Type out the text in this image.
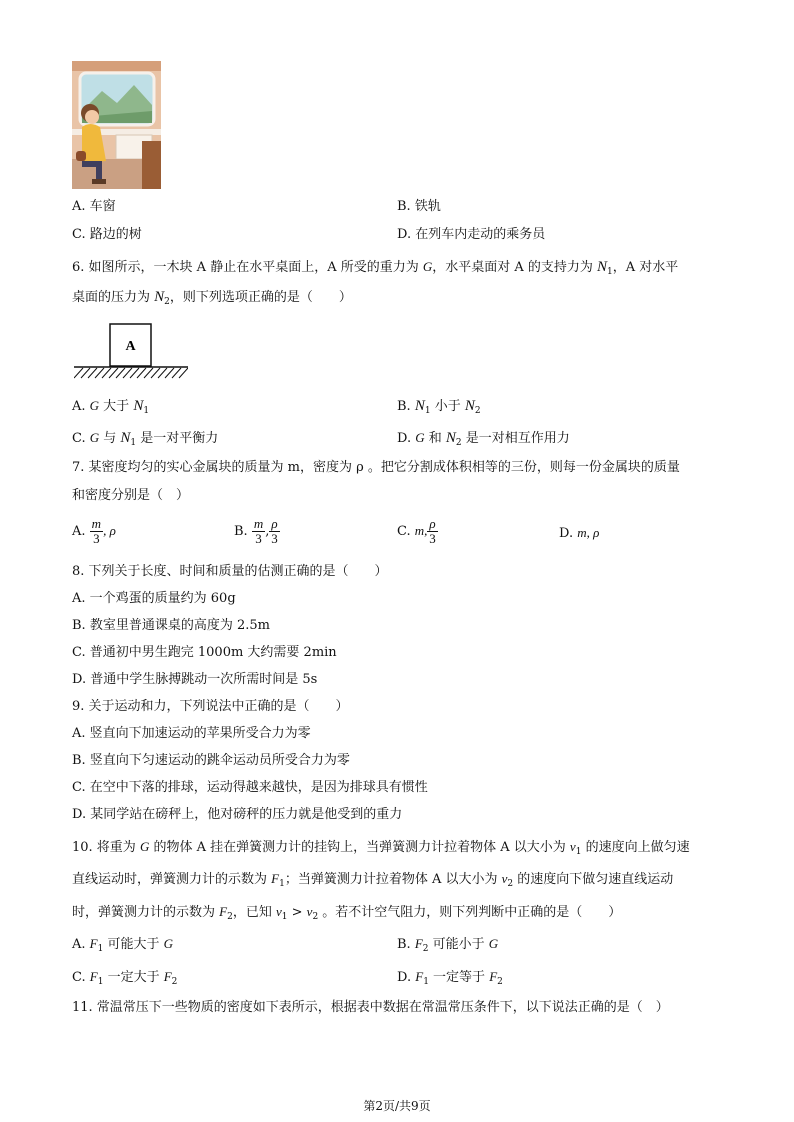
A. 车窗	B. 铁轨
C. 路边的树	D. 在列车内走动的乘务员
6. 如图所示，一木块 A 静止在水平桌面上，A 所受的重力为 G，水平桌面对 A 的支持力为 $N_1$，A 对水平
桌面的压力为 $N_2$，则下列选项正确的是（　　）
A
A. G 大于 $N_1$	B. $N_1$ 小于 $N_2$
C. G 与 $N_1$ 是一对平衡力	D. G 和 $N_2$ 是一对相互作用力
7. 某密度均匀的实心金属块的质量为 m，密度为 ρ 。把它分割成体积相等的三份，则每一份金属块的质量
和密度分别是（　）
A. $\frac{m}{3}$ , ρ	B. $\frac{m}{3}$ , $\frac{\rho}{3}$	C. m, $\frac{\rho}{3}$	D. m, ρ
8. 下列关于长度、时间和质量的估测正确的是（　　）
A. 一个鸡蛋的质量约为 60g
B. 教室里普通课桌的高度为 2.5m
C. 普通初中男生跑完 1000m 大约需要 2min
D. 普通中学生脉搏跳动一次所需时间是 5s
9. 关于运动和力，下列说法中正确的是（　　）
A. 竖直向下加速运动的苹果所受合力为零
B. 竖直向下匀速运动的跳伞运动员所受合力为零
C. 在空中下落的排球，运动得越来越快，是因为排球具有惯性
D. 某同学站在磅秤上，他对磅秤的压力就是他受到的重力
10. 将重为 G 的物体 A 挂在弹簧测力计的挂钩上，当弹簧测力计拉着物体 A 以大小为 $v_1$ 的速度向上做匀速
直线运动时，弹簧测力计的示数为 $F_1$；当弹簧测力计拉着物体 A 以大小为 $v_2$ 的速度向下做匀速直线运动
时，弹簧测力计的示数为 $F_2$，已知 $v_1 > v_2$ 。若不计空气阻力，则下列判断中正确的是（　　）
A. $F_1$ 可能大于 G	B. $F_2$ 可能小于 G
C. $F_1$ 一定大于 $F_2$	D. $F_1$ 一定等于 $F_2$
11. 常温常压下一些物质的密度如下表所示，根据表中数据在常温常压条件下，以下说法正确的是（　）
第2页/共9页
